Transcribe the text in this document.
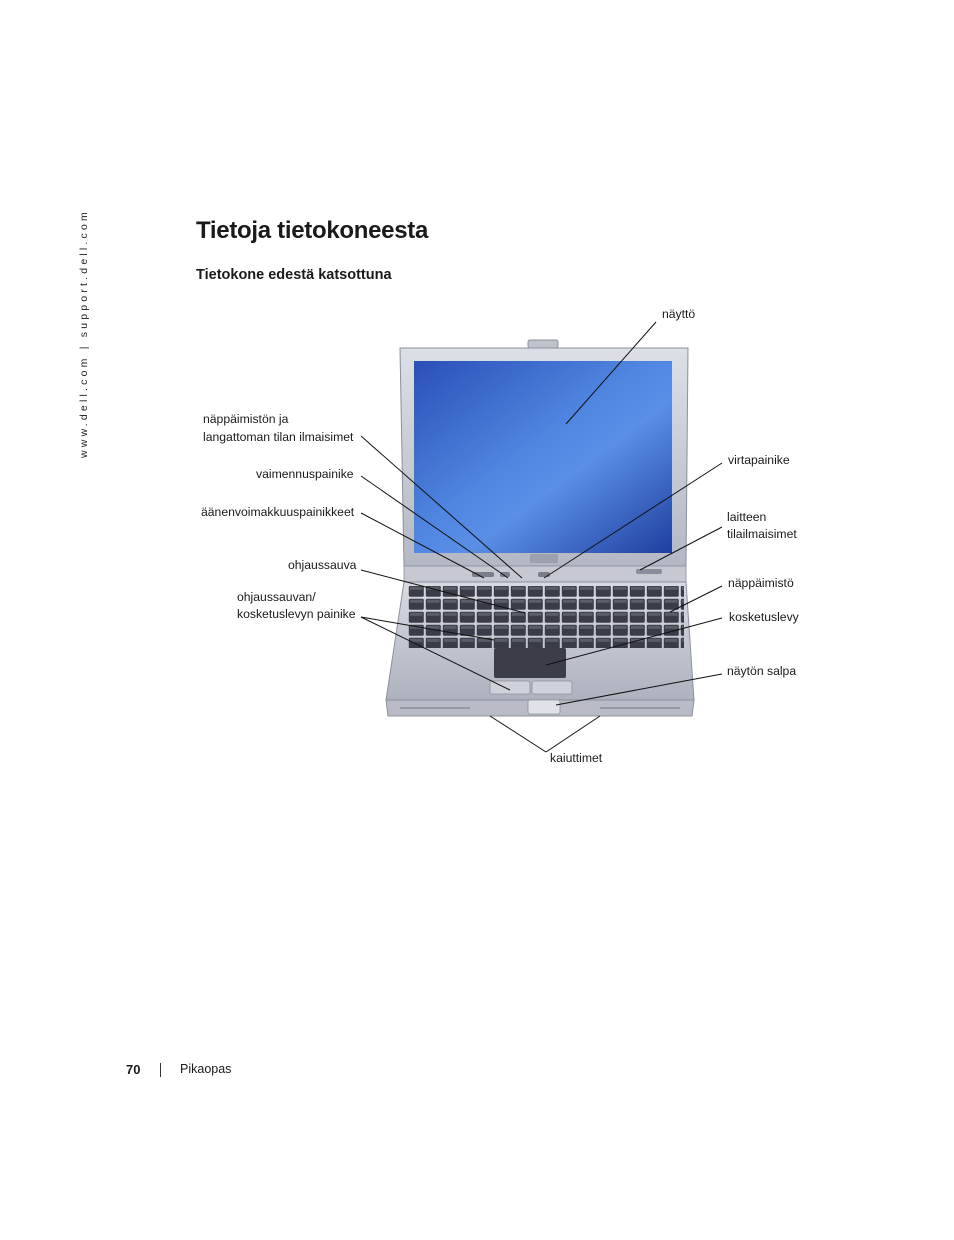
www.dell.com | support.dell.com	Tietoja tietokoneesta
Tietokone edestä katsottuna
näyttö
näppäimistön ja
langattoman tilan ilmaisimet
vaimennuspainike
äänenvoimakkuuspainikkeet
ohjaussauva
ohjaussauvan/
kosketuslevyn painike
virtapainike
laitteen
tilailmaisimet
näppäimistö
kosketuslevy
näytön salpa
kaiuttimet
70	Pikaopas
